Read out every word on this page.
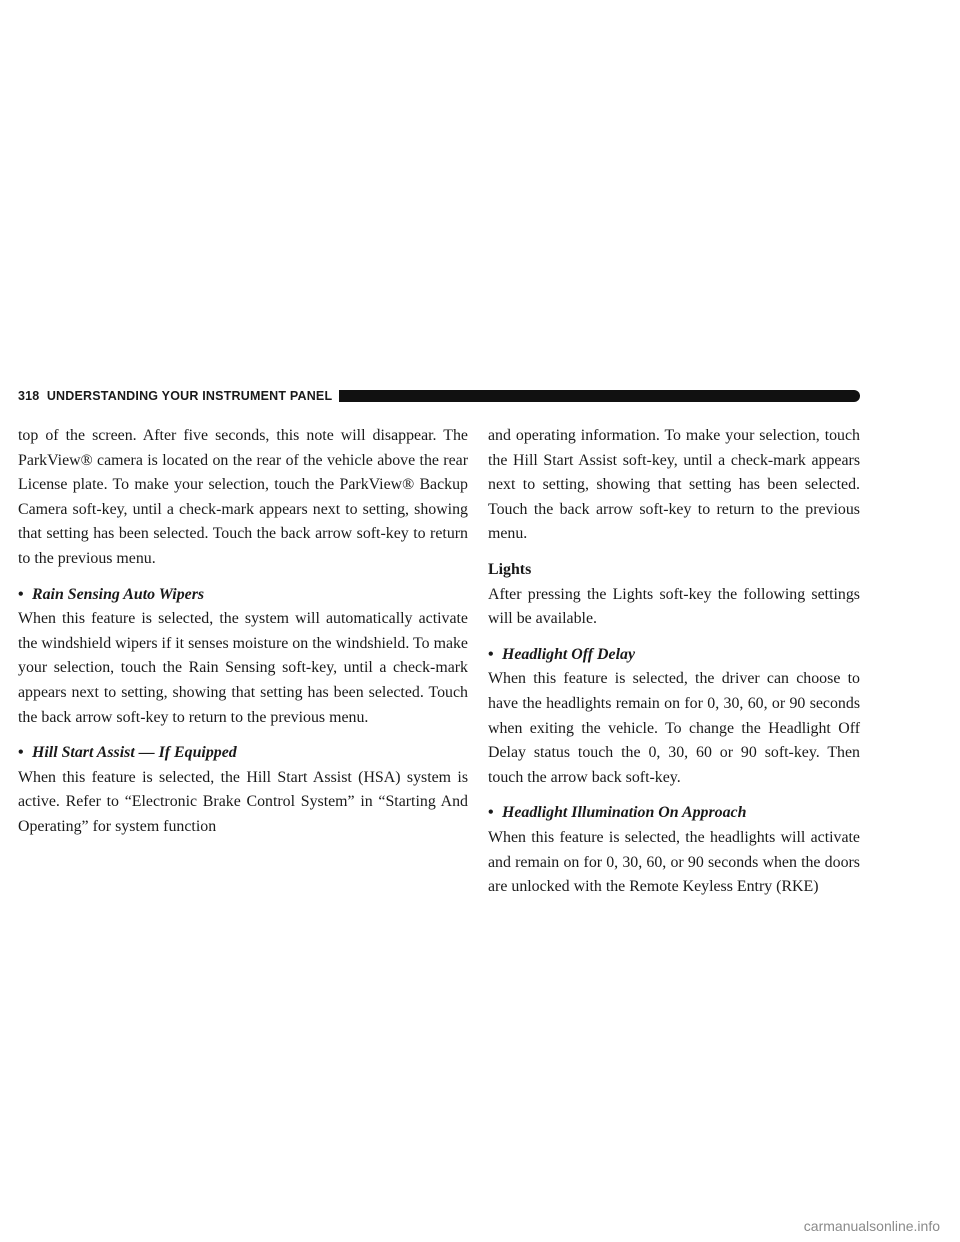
318 UNDERSTANDING YOUR INSTRUMENT PANEL

top of the screen. After five seconds, this note will disappear. The ParkView® camera is located on the rear of the vehicle above the rear License plate. To make your selection, touch the ParkView® Backup Camera soft-key, until a check-mark appears next to setting, showing that setting has been selected. Touch the back arrow soft-key to return to the previous menu.

• Rain Sensing Auto Wipers

When this feature is selected, the system will automatically activate the windshield wipers if it senses moisture on the windshield. To make your selection, touch the Rain Sensing soft-key, until a check-mark appears next to setting, showing that setting has been selected. Touch the back arrow soft-key to return to the previous menu.

• Hill Start Assist — If Equipped

When this feature is selected, the Hill Start Assist (HSA) system is active. Refer to “Electronic Brake Control System” in “Starting And Operating” for system function

and operating information. To make your selection, touch the Hill Start Assist soft-key, until a check-mark appears next to setting, showing that setting has been selected. Touch the back arrow soft-key to return to the previous menu.

Lights

After pressing the Lights soft-key the following settings will be available.

• Headlight Off Delay

When this feature is selected, the driver can choose to have the headlights remain on for 0, 30, 60, or 90 seconds when exiting the vehicle. To change the Headlight Off Delay status touch the 0, 30, 60 or 90 soft-key. Then touch the arrow back soft-key.

• Headlight Illumination On Approach

When this feature is selected, the headlights will activate and remain on for 0, 30, 60, or 90 seconds when the doors are unlocked with the Remote Keyless Entry (RKE)

carmanualsonline.info
